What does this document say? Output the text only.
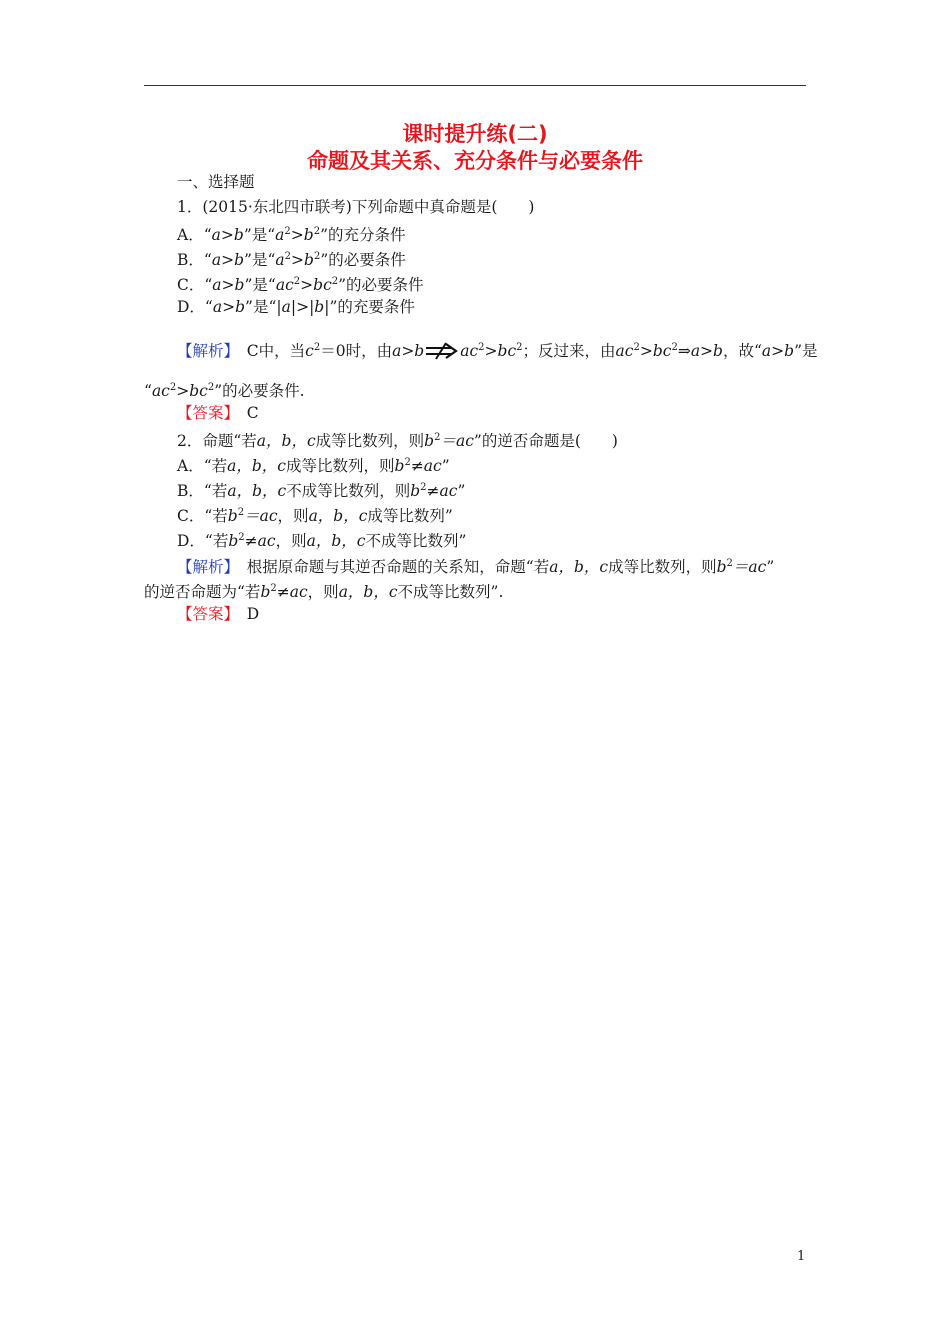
课时提升练(二)
命题及其关系、充分条件与必要条件
一、选择题
1．(2015·东北四市联考)下列命题中真命题是(　　)
A．“a>b”是“$a^2>b^2$”的充分条件
B．“a>b”是“$a^2>b^2$”的必要条件
C．“a>b”是“$ac^2>bc^2$”的必要条件
D．“a>b”是“|a|>|b|”的充要条件
【解析】　C中，当$c^2=0$时，由a>b $ac^2>bc^2$；反过来，由$ac^2>bc^2\Rightarrow a>b$，故“a>b”是
“$ac^2>bc^2$”的必要条件.
【答案】　C
2．命题“若a，b，c成等比数列，则$b^2=ac$”的逆否命题是(　　)
A．“若a，b，c成等比数列，则$b^2\ne ac$”
B．“若a，b，c不成等比数列，则$b^2\ne ac$”
C．“若$b^2=ac$，则a，b，c成等比数列”
D．“若$b^2\ne ac$，则a，b，c不成等比数列”
【解析】　根据原命题与其逆否命题的关系知，命题“若a，b，c成等比数列，则$b^2=ac$”
的逆否命题为“若$b^2\ne ac$，则a，b，c不成等比数列”.
【答案】　D
1
